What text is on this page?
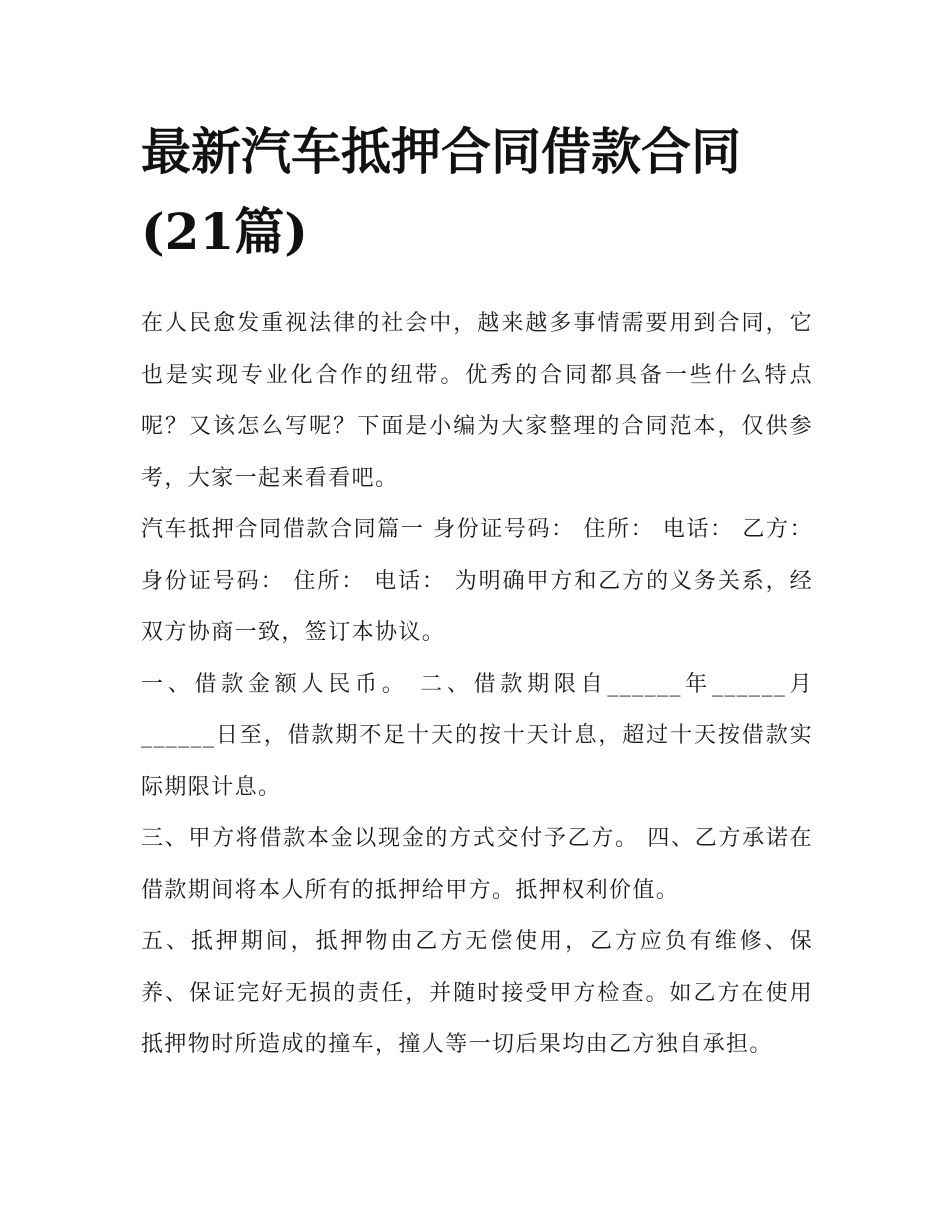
最新汽车抵押合同借款合同(21篇)

在人民愈发重视法律的社会中，越来越多事情需要用到合同，它也是实现专业化合作的纽带。优秀的合同都具备一些什么特点呢？又该怎么写呢？下面是小编为大家整理的合同范本，仅供参考，大家一起来看看吧。

汽车抵押合同借款合同篇一 身份证号码： 住所： 电话： 乙方： 身份证号码： 住所： 电话： 为明确甲方和乙方的义务关系，经双方协商一致，签订本协议。

一、借款金额人民币。 二、借款期限自______年______月______日至，借款期不足十天的按十天计息，超过十天按借款实际期限计息。

三、甲方将借款本金以现金的方式交付予乙方。 四、乙方承诺在借款期间将本人所有的抵押给甲方。抵押权利价值。

五、抵押期间，抵押物由乙方无偿使用，乙方应负有维修、保养、保证完好无损的责任，并随时接受甲方检查。如乙方在使用抵押物时所造成的撞车，撞人等一切后果均由乙方独自承担。
